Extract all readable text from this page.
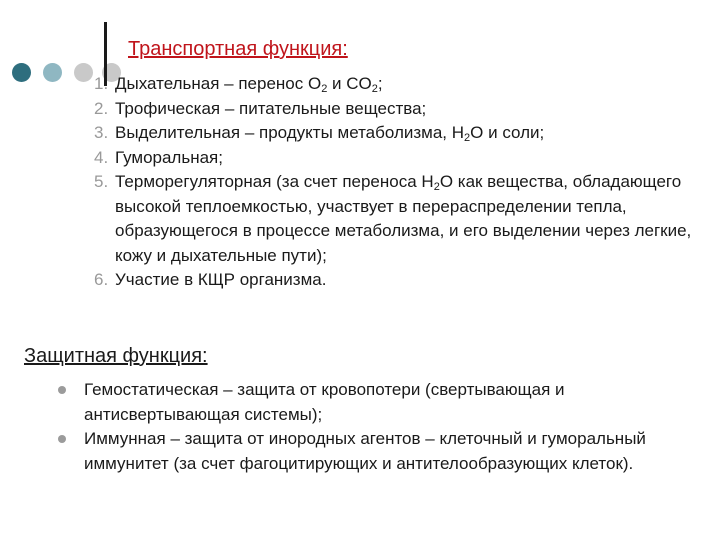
Транспортная функция:
1. Дыхательная – перенос $O_2$ и $CO_2$;
2. Трофическая – питательные вещества;
3. Выделительная – продукты метаболизма, $H_2O$ и соли;
4. Гуморальная;
5. Терморегуляторная (за счет переноса $H_2O$ как вещества, обладающего высокой теплоемкостью, участвует в перераспределении тепла, образующегося в процессе метаболизма, и его выделении через легкие, кожу и дыхательные пути);
6. Участие в КЩР организма.
Защитная функция:
Гемостатическая – защита от кровопотери (свертывающая и антисвертывающая системы);
Иммунная – защита от инородных агентов – клеточный и гуморальный иммунитет (за счет фагоцитирующих и антителообразующих клеток).
